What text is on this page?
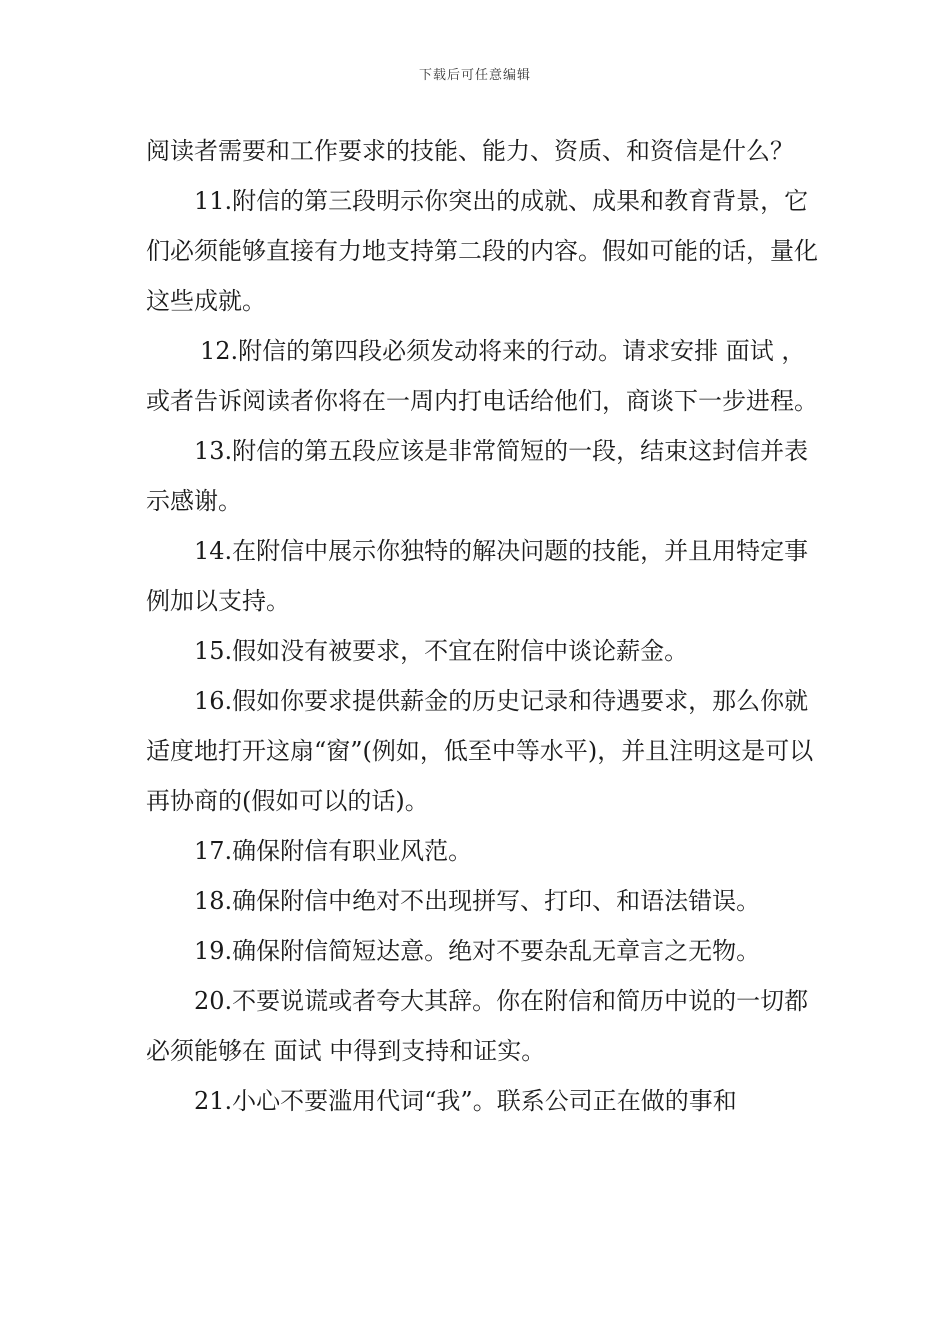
下载后可任意编辑

阅读者需要和工作要求的技能、能力、资质、和资信是什么？

11.附信的第三段明示你突出的成就、成果和教育背景，它们必须能够直接有力地支持第二段的内容。假如可能的话，量化这些成就。

12.附信的第四段必须发动将来的行动。请求安排 面试 ，或者告诉阅读者你将在一周内打电话给他们，商谈下一步进程。

13.附信的第五段应该是非常简短的一段，结束这封信并表示感谢。

14.在附信中展示你独特的解决问题的技能，并且用特定事例加以支持。

15.假如没有被要求，不宜在附信中谈论薪金。

16.假如你要求提供薪金的历史记录和待遇要求，那么你就适度地打开这扇“窗”(例如，低至中等水平)，并且注明这是可以再协商的(假如可以的话)。

17.确保附信有职业风范。

18.确保附信中绝对不出现拼写、打印、和语法错误。

19.确保附信简短达意。绝对不要杂乱无章言之无物。

20.不要说谎或者夸大其辞。你在附信和简历中说的一切都必须能够在 面试 中得到支持和证实。

21.小心不要滥用代词“我”。联系公司正在做的事和
